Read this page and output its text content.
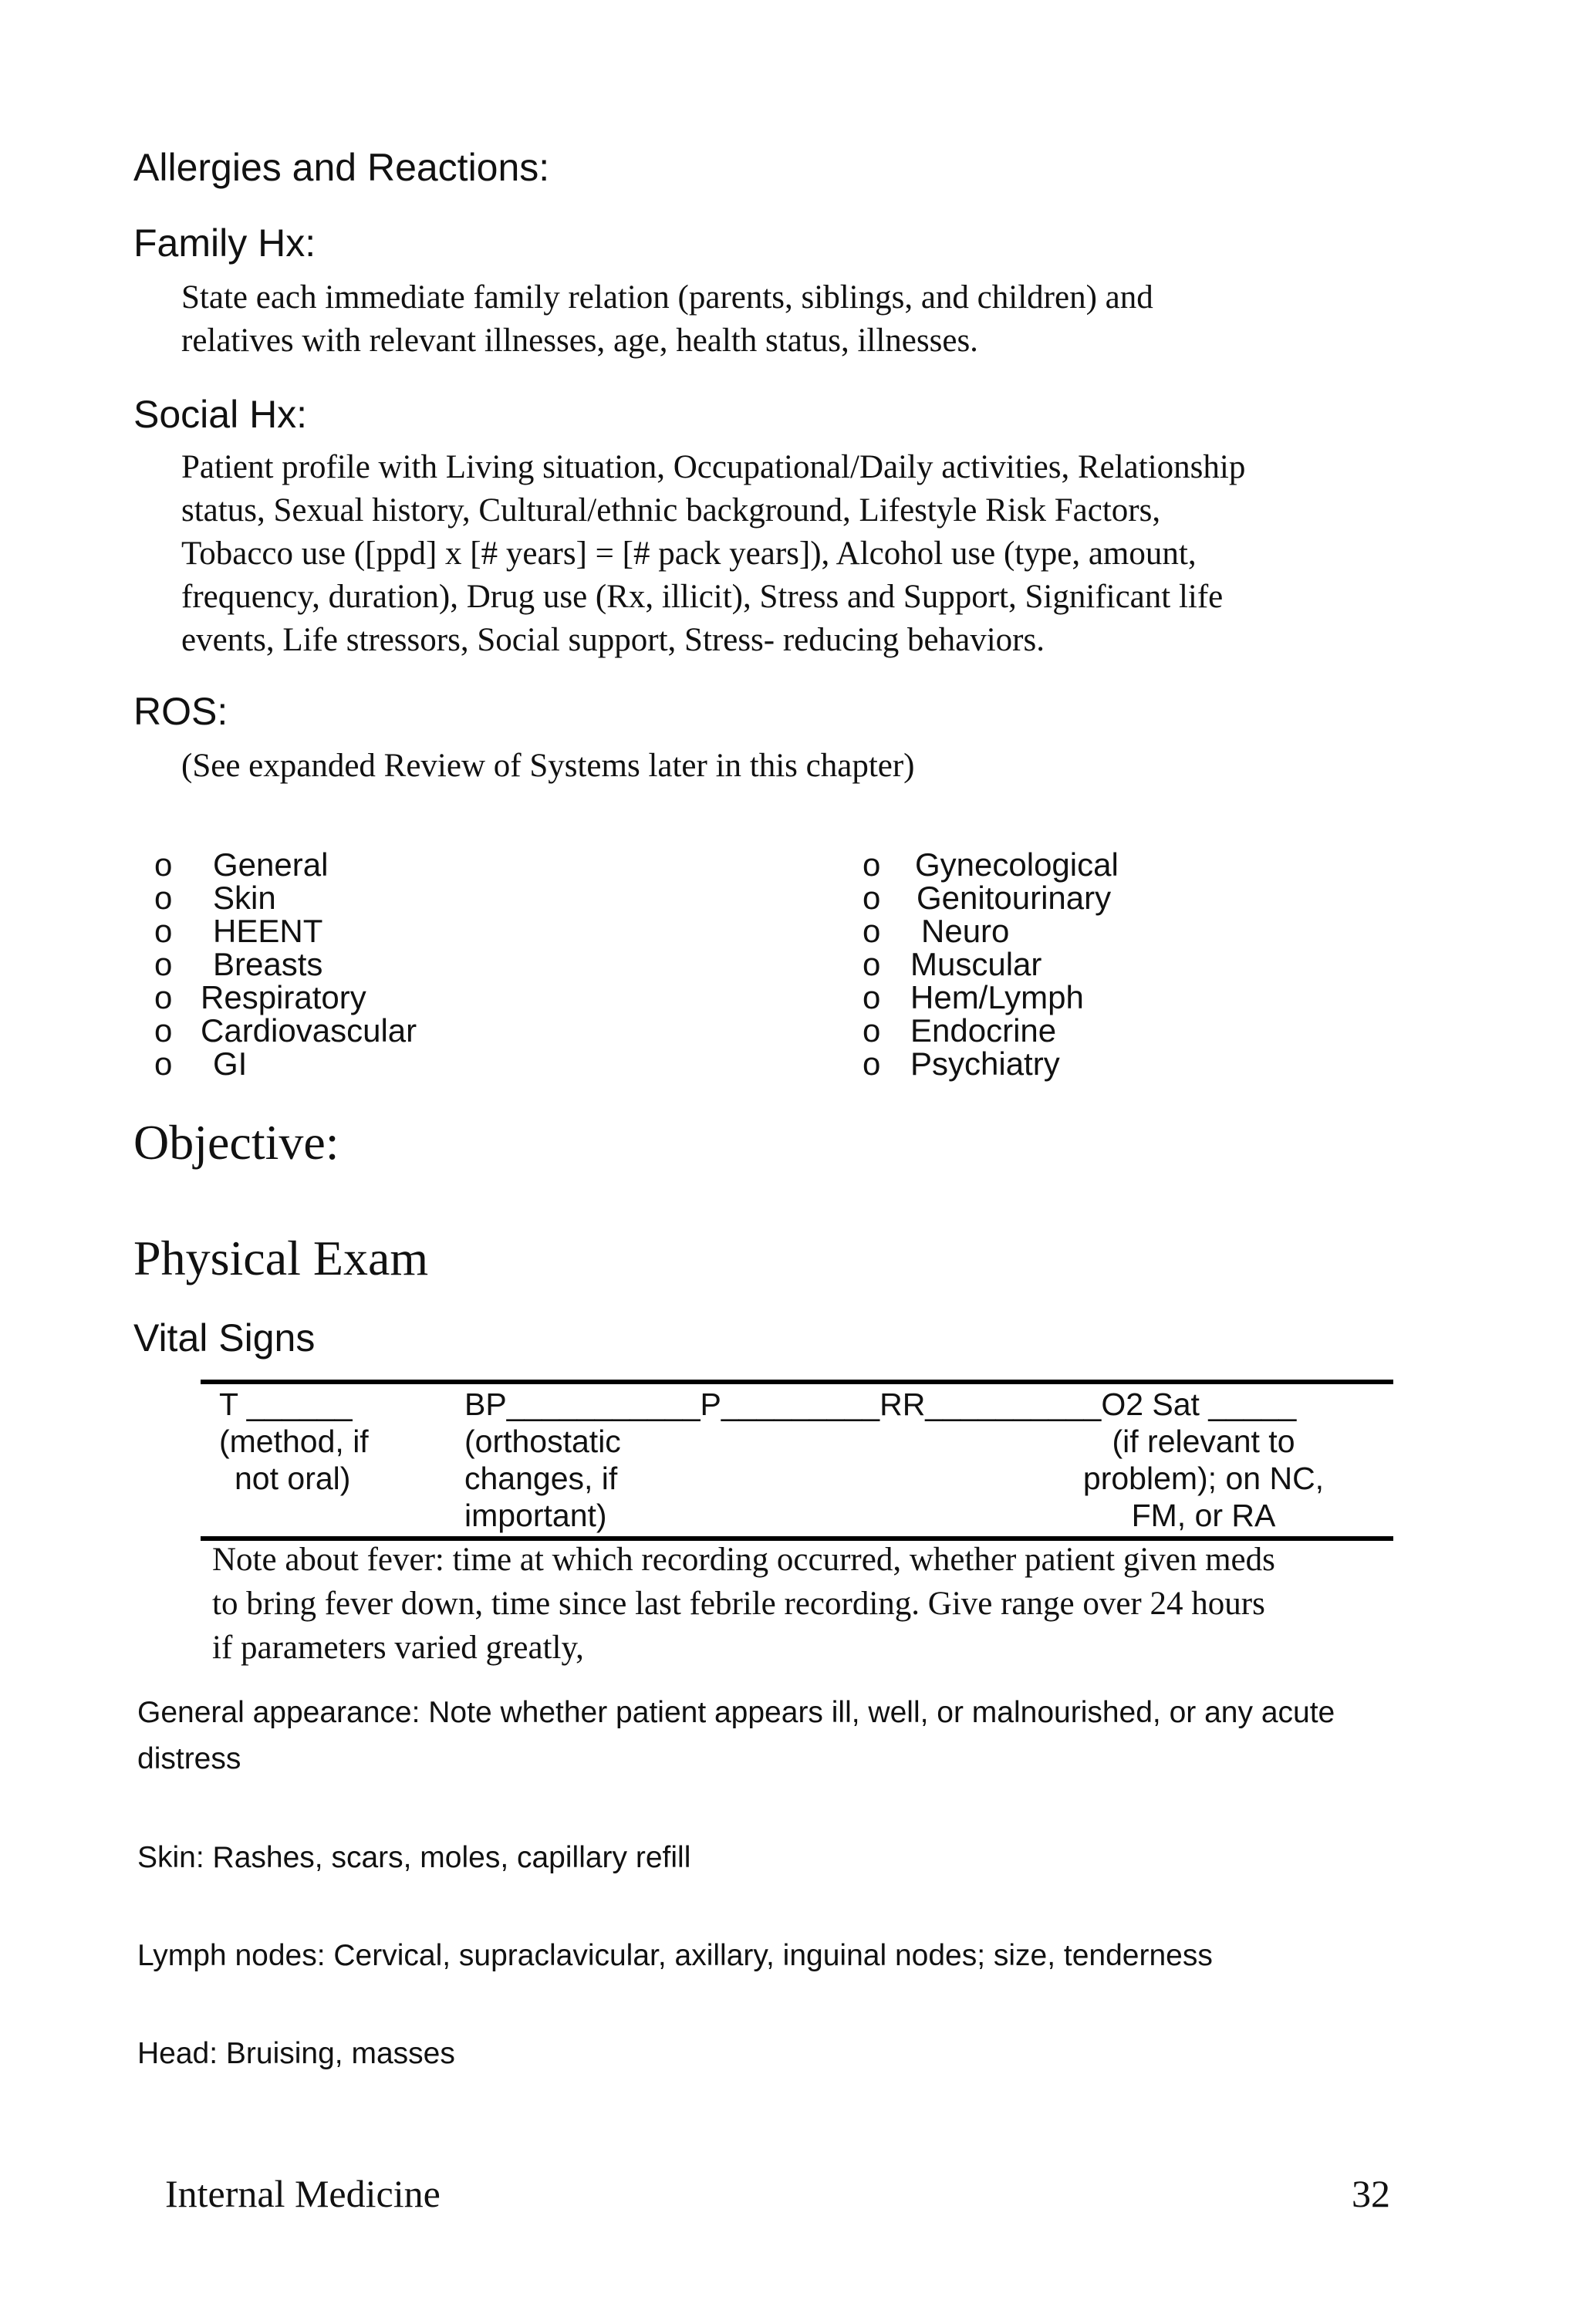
Allergies and Reactions:
Family Hx:
State each immediate family relation (parents, siblings, and children) and
relatives with relevant illnesses, age, health status, illnesses.
Social Hx:
Patient profile with Living situation, Occupational/Daily activities, Relationship
status, Sexual history, Cultural/ethnic background, Lifestyle Risk Factors,
Tobacco use ([ppd] x [# years] = [# pack years]), Alcohol use (type, amount,
frequency, duration), Drug use (Rx, illicit), Stress and Support, Significant life
events, Life stressors, Social support, Stress- reducing behaviors.
ROS:
(See expanded Review of Systems later in this chapter)
o General
o Skin
o HEENT
o Breasts
o Respiratory
o Cardiovascular
o GI
o Gynecological
o Genitourinary
o Neuro
o Muscular
o Hem/Lymph
o Endocrine
o Psychiatry
Objective:
Physical Exam
Vital Signs
T ______
(method, if
not oral)
BP___________P_________RR__________O2 Sat _____
(orthostatic
changes, if
important)
(if relevant to
problem); on NC,
FM, or RA
Note about fever: time at which recording occurred, whether patient given meds
to bring fever down, time since last febrile recording. Give range over 24 hours
if parameters varied greatly,
General appearance: Note whether patient appears ill, well, or malnourished, or any acute
distress
Skin: Rashes, scars, moles, capillary refill
Lymph nodes: Cervical, supraclavicular, axillary, inguinal nodes; size, tenderness
Head: Bruising, masses
Internal Medicine	32
